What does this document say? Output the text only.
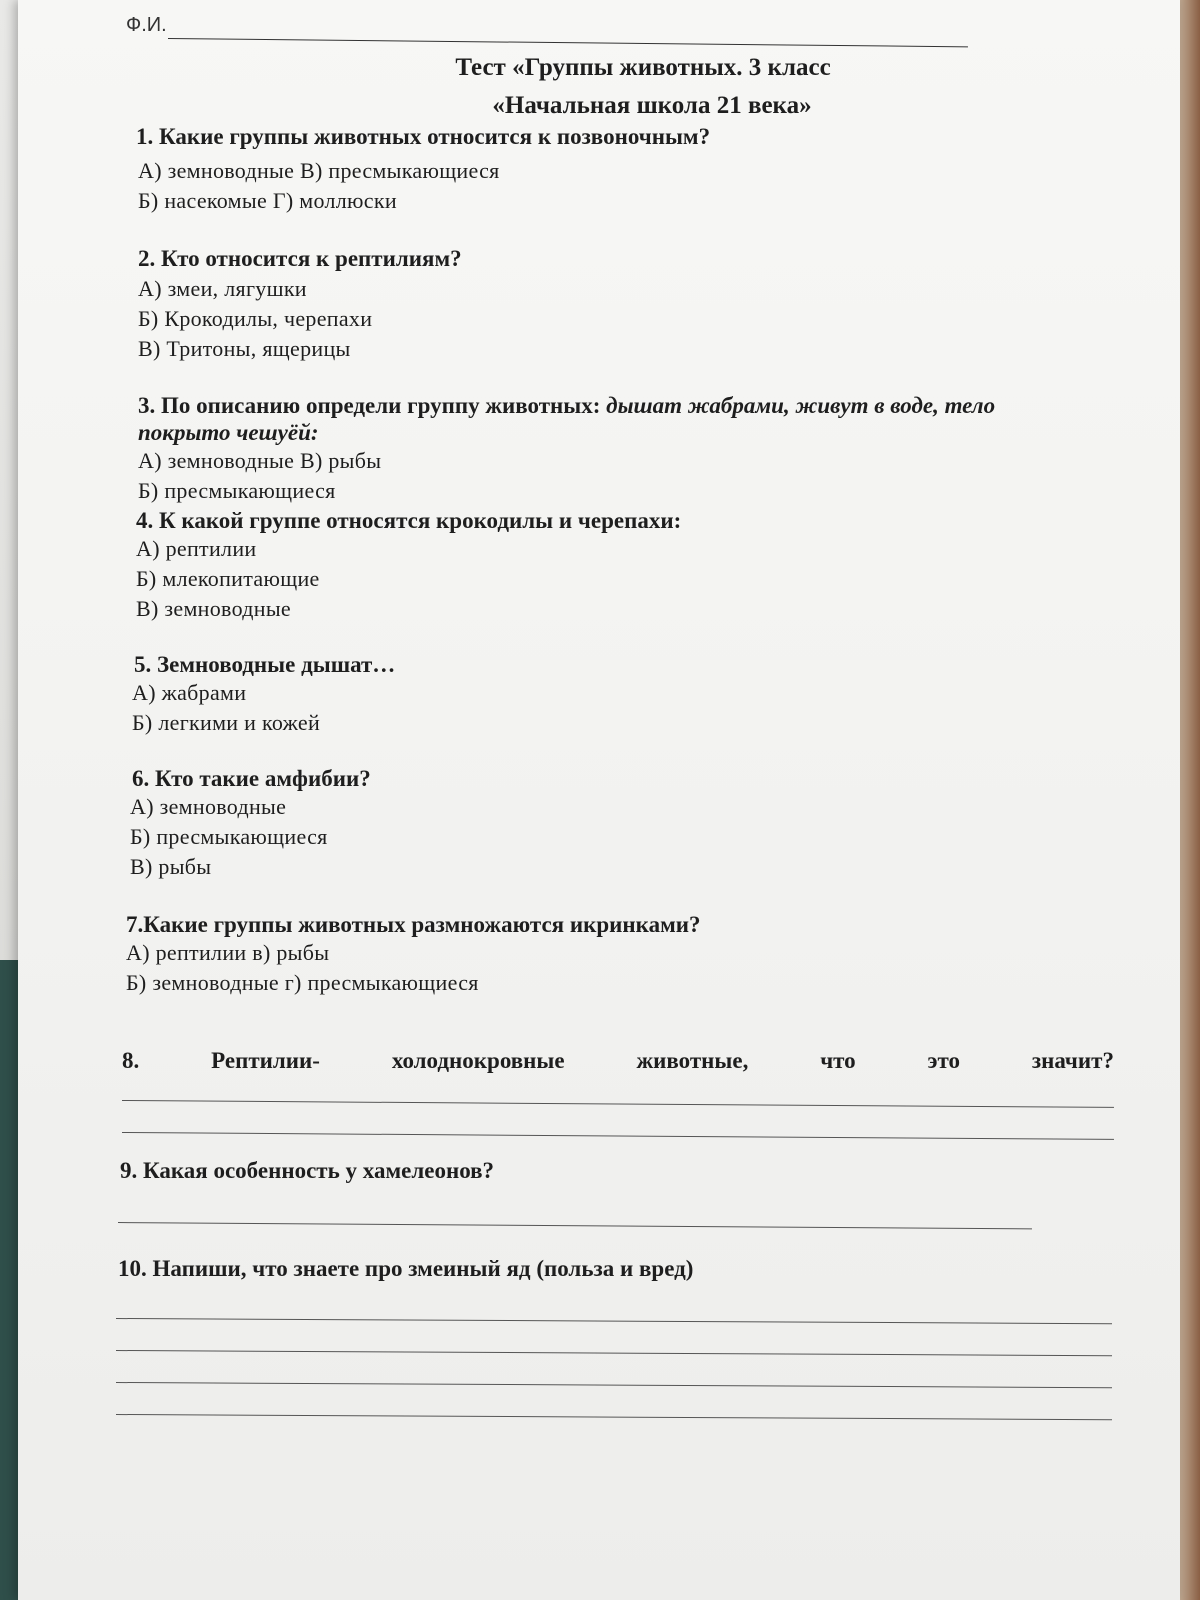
Ф.И.
Тест «Группы животных. 3 класс
«Начальная школа 21 века»
1. Какие группы животных относится к позвоночным?
А) земноводные В) пресмыкающиеся
Б) насекомые Г) моллюски
2. Кто относится к рептилиям?
А) змеи, лягушки
Б) Крокодилы, черепахи
В) Тритоны, ящерицы
3. По описанию определи группу животных: дышат жабрами, живут в воде, тело
покрыто чешуёй:
А) земноводные В) рыбы
Б) пресмыкающиеся
4. К какой группе относятся крокодилы и черепахи:
А) рептилии
Б) млекопитающие
В) земноводные
5. Земноводные дышат…
А) жабрами
Б) легкими и кожей
6. Кто такие амфибии?
А) земноводные
Б) пресмыкающиеся
В) рыбы
7.Какие группы животных размножаются икринками?
А) рептилии в) рыбы
Б) земноводные г) пресмыкающиеся
8.	Рептилии-	холоднокровные	животные,	что	это	значит?
9. Какая особенность у хамелеонов?
10. Напиши, что знаете про змеиный яд (польза и вред)
